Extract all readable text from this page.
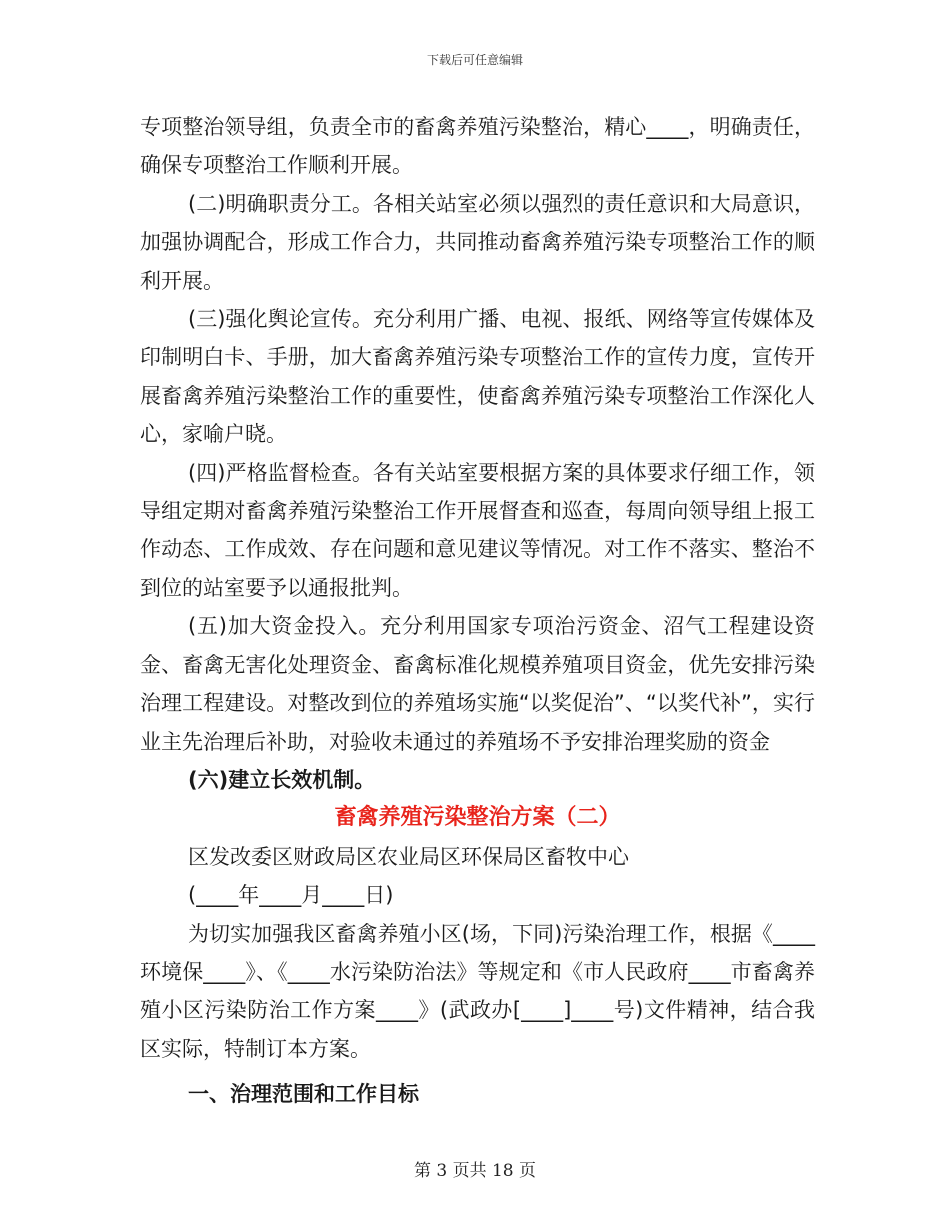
下载后可任意编辑

专项整治领导组，负责全市的畜禽养殖污染整治，精心____，明确责任，确保专项整治工作顺利开展。

(二)明确职责分工。各相关站室必须以强烈的责任意识和大局意识，加强协调配合，形成工作合力，共同推动畜禽养殖污染专项整治工作的顺利开展。

(三)强化舆论宣传。充分利用广播、电视、报纸、网络等宣传媒体及印制明白卡、手册，加大畜禽养殖污染专项整治工作的宣传力度，宣传开展畜禽养殖污染整治工作的重要性，使畜禽养殖污染专项整治工作深化人心，家喻户晓。

(四)严格监督检查。各有关站室要根据方案的具体要求仔细工作，领导组定期对畜禽养殖污染整治工作开展督查和巡查，每周向领导组上报工作动态、工作成效、存在问题和意见建议等情况。对工作不落实、整治不到位的站室要予以通报批判。

(五)加大资金投入。充分利用国家专项治污资金、沼气工程建设资金、畜禽无害化处理资金、畜禽标准化规模养殖项目资金，优先安排污染治理工程建设。对整改到位的养殖场实施“以奖促治”、“以奖代补”，实行业主先治理后补助，对验收未通过的养殖场不予安排治理奖励的资金

(六)建立长效机制。

畜禽养殖污染整治方案（二）

区发改委区财政局区农业局区环保局区畜牧中心

(____年____月____日)

为切实加强我区畜禽养殖小区(场，下同)污染治理工作，根据《____环境保____》、《____水污染防治法》等规定和《市人民政府____市畜禽养殖小区污染防治工作方案____》(武政办[____]____号)文件精神，结合我区实际，特制订本方案。

一、治理范围和工作目标

第 3 页共 18 页
